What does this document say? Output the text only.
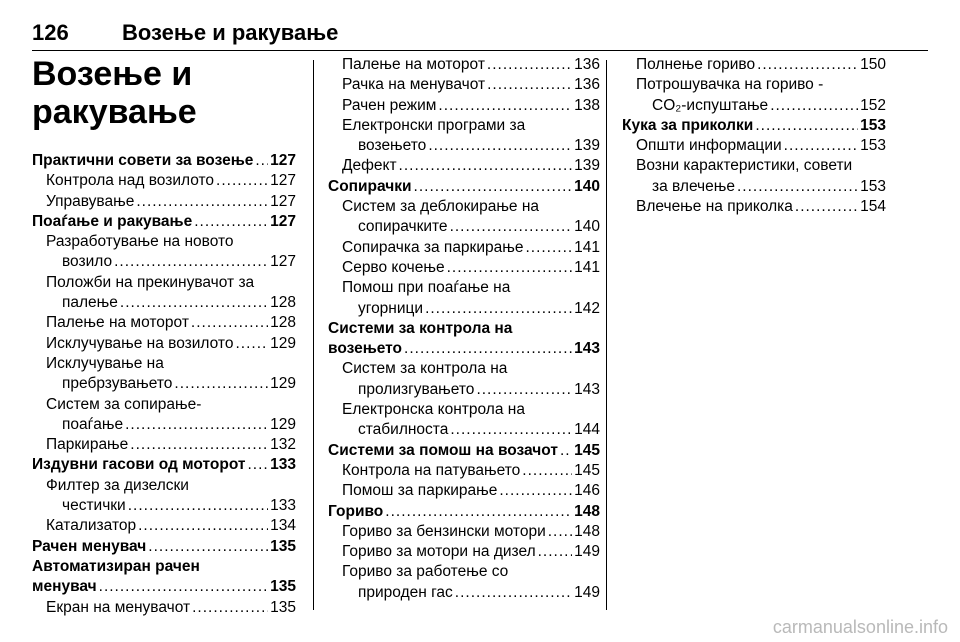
126 Возење и ракување
Возење и
ракување
Практични совети за возење ..... 127
Контрола над возилото .....	127
Управување .....	127
Поаѓање и ракување .....	127
Разработување на новото
возило .....	127
Положби на прекинувачот за
палење .....	128
Палење на моторот .....	128
Исклучување на возилото ..... 129
Исклучување на
пребрзувањето .....	129
Систем за сопирање-
поаѓање .....	129
Паркирање .....	132
Издувни гасови од моторот ..... 133
Филтер за дизелски
честички .....	133
Катализатор .....	134
Рачен менувач .....	135
Автоматизиран рачен
менувач .....	135
Екран на менувачот .....	135
Палење на моторот .....	136
Рачка на менувачот .....	136
Рачен режим .....	138
Електронски програми за
возењето .....	139
Дефект .....	139
Сопирачки .....	140
Систем за деблокирање на
сопирачките .....	140
Сопирачка за паркирање .....	141
Серво кочење .....	141
Помош при поаѓање на
угорници .....	142
Системи за контрола на
возењето .....	143
Систем за контрола на
пролизгувањето .....	143
Електронска контрола на
стабилноста .....	144
Системи за помош на возачот ..... 145
Контрола на патувањето .....	145
Помош за паркирање .....	146
Гориво .....	148
Гориво за бензински мотори ..... 148
Гориво за мотори на дизел ..... 149
Гориво за работење со
природен гас .....	149
Полнење гориво .....	150
Потрошувачка на гориво -
CO₂-испуштање .....	152
Кука за приколки .....	153
Општи информации .....	153
Возни карактеристики, совети
за влечење .....	153
Влечење на приколка .....	154
carmanualsonline.info
